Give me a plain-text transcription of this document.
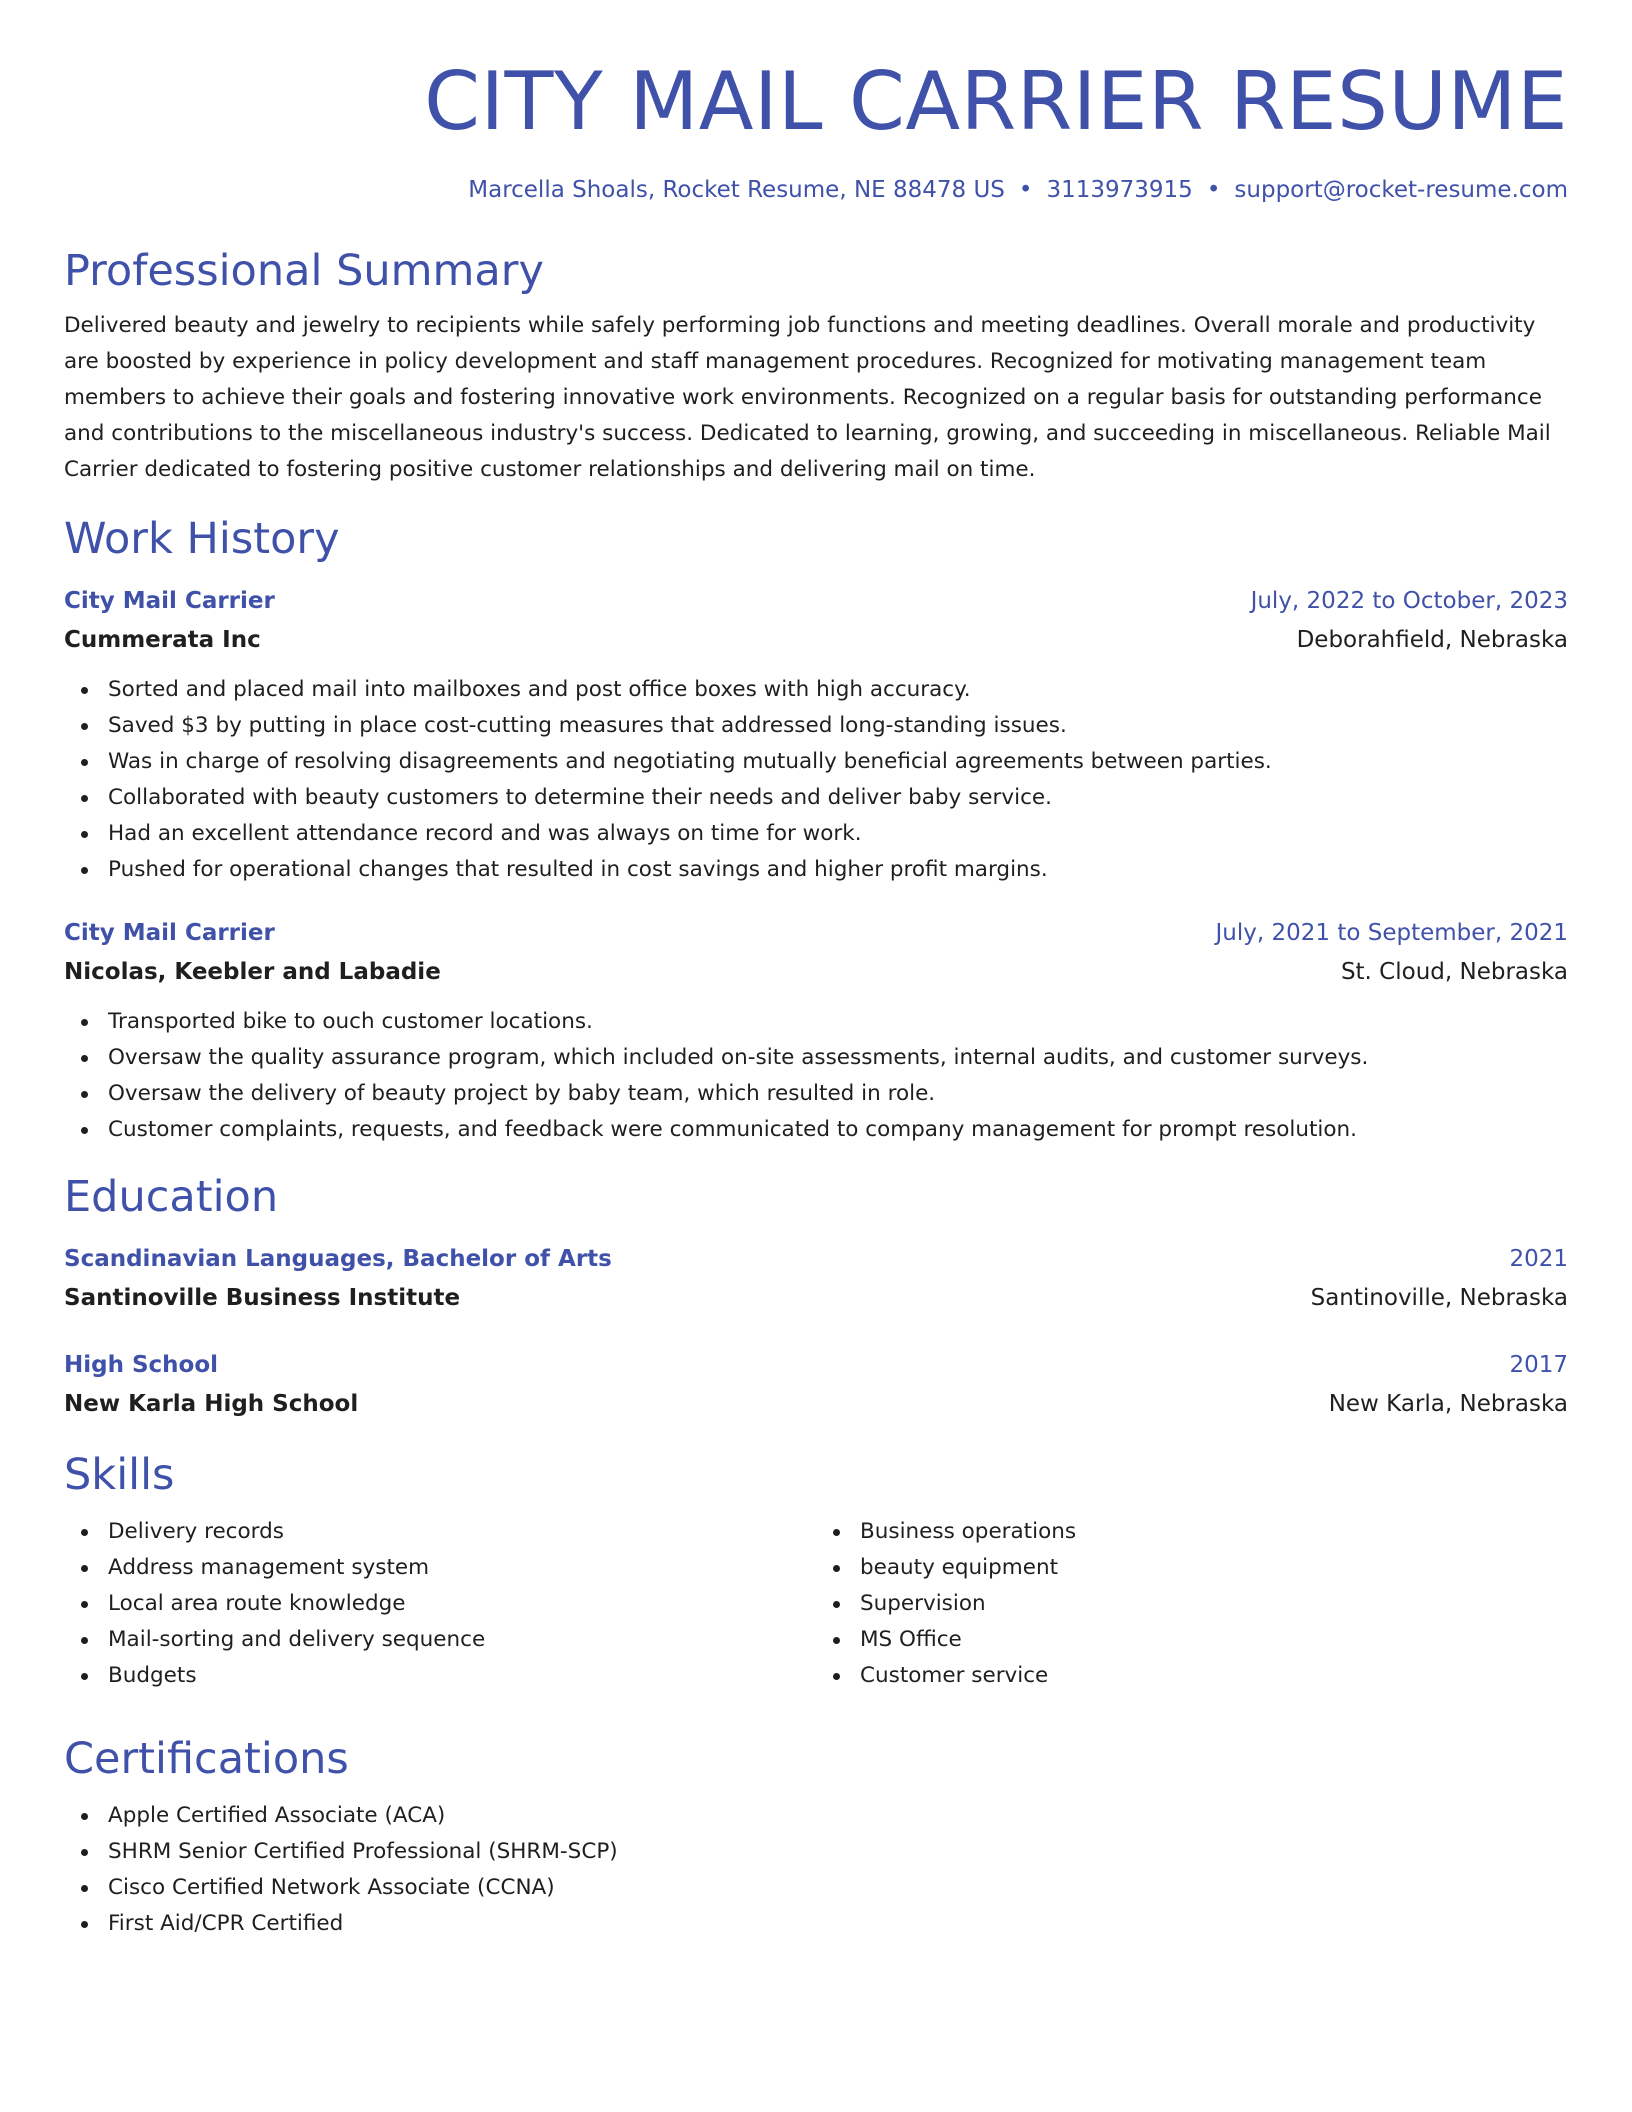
CITY MAIL CARRIER RESUME
Marcella Shoals, Rocket Resume, NE 88478 US • 3113973915 • support@rocket-resume.com
Professional Summary
Delivered beauty and jewelry to recipients while safely performing job functions and meeting deadlines. Overall morale and productivity are boosted by experience in policy development and staff management procedures. Recognized for motivating management team members to achieve their goals and fostering innovative work environments. Recognized on a regular basis for outstanding performance and contributions to the miscellaneous industry's success. Dedicated to learning, growing, and succeeding in miscellaneous. Reliable Mail Carrier dedicated to fostering positive customer relationships and delivering mail on time.
Work History
City Mail Carrier	July, 2022 to October, 2023
Cummerata Inc	Deborahfield, Nebraska
Sorted and placed mail into mailboxes and post office boxes with high accuracy.
Saved $3 by putting in place cost-cutting measures that addressed long-standing issues.
Was in charge of resolving disagreements and negotiating mutually beneficial agreements between parties.
Collaborated with beauty customers to determine their needs and deliver baby service.
Had an excellent attendance record and was always on time for work.
Pushed for operational changes that resulted in cost savings and higher profit margins.
City Mail Carrier	July, 2021 to September, 2021
Nicolas, Keebler and Labadie	St. Cloud, Nebraska
Transported bike to ouch customer locations.
Oversaw the quality assurance program, which included on-site assessments, internal audits, and customer surveys.
Oversaw the delivery of beauty project by baby team, which resulted in role.
Customer complaints, requests, and feedback were communicated to company management for prompt resolution.
Education
Scandinavian Languages, Bachelor of Arts	2021
Santinoville Business Institute	Santinoville, Nebraska
High School	2017
New Karla High School	New Karla, Nebraska
Skills
Delivery records
Address management system
Local area route knowledge
Mail-sorting and delivery sequence
Budgets
Business operations
beauty equipment
Supervision
MS Office
Customer service
Certifications
Apple Certified Associate (ACA)
SHRM Senior Certified Professional (SHRM-SCP)
Cisco Certified Network Associate (CCNA)
First Aid/CPR Certified
